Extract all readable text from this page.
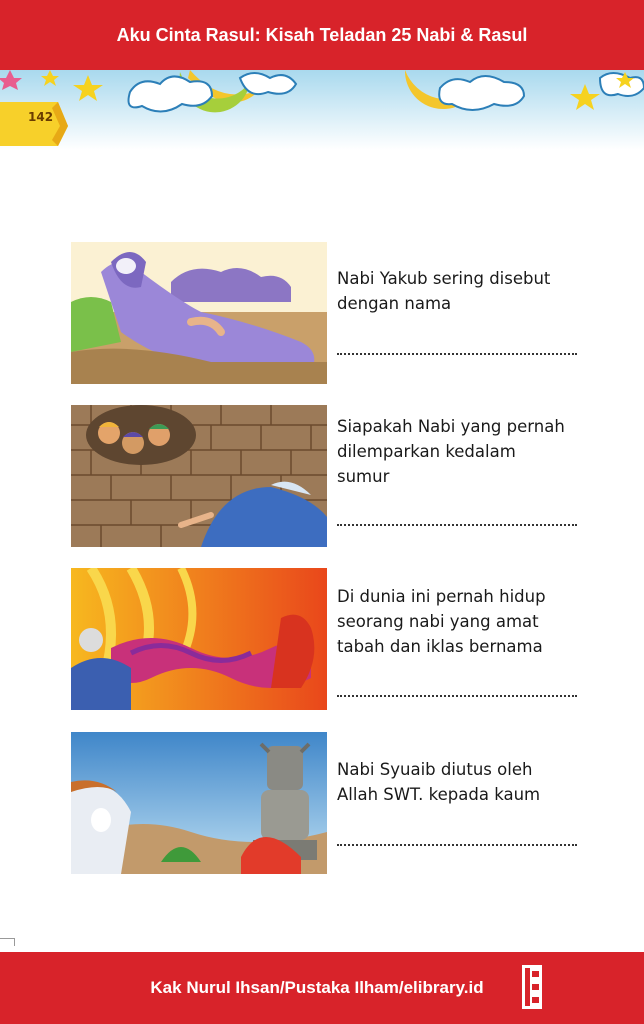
Aku Cinta Rasul: Kisah Teladan 25 Nabi & Rasul
142
Nabi Yakub sering disebut
dengan nama
Siapakah Nabi yang pernah
dilemparkan kedalam
sumur
Di dunia ini pernah hidup
seorang nabi yang amat
tabah dan iklas bernama
Nabi Syuaib diutus oleh
Allah SWT. kepada kaum
Kak Nurul Ihsan/Pustaka Ilham/elibrary.id
